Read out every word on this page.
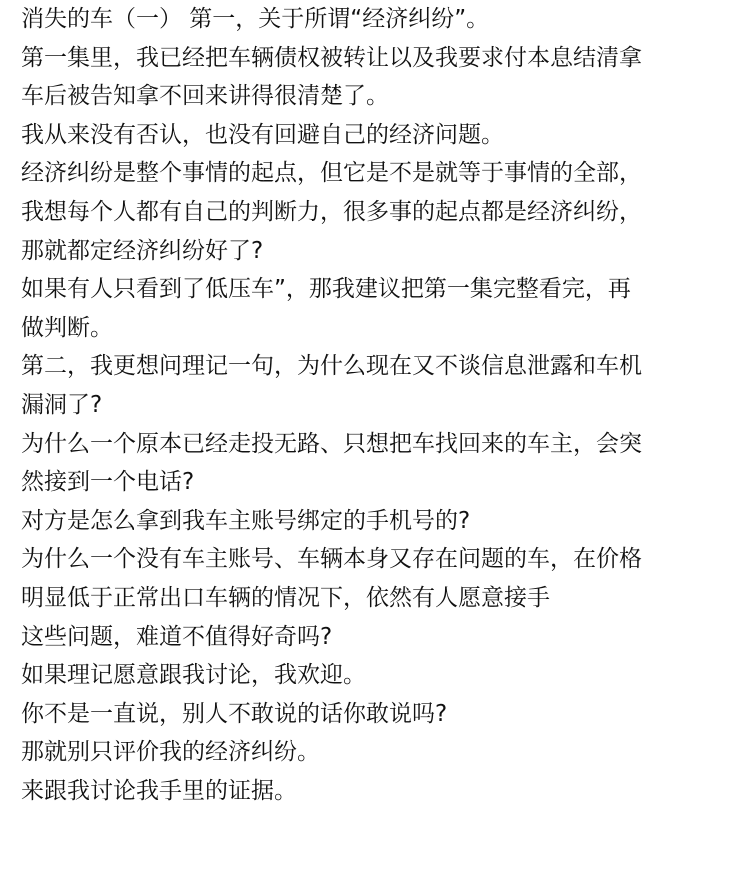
消失的车（一） 第一，关于所谓“经济纠纷”。
第一集里，我已经把车辆债权被转让以及我要求付本息结清拿
车后被告知拿不回来讲得很清楚了。
我从来没有否认，也没有回避自己的经济问题。
经济纠纷是整个事情的起点，但它是不是就等于事情的全部，
我想每个人都有自己的判断力，很多事的起点都是经济纠纷，
那就都定经济纠纷好了?
如果有人只看到了低压车”，那我建议把第一集完整看完，再
做判断。
第二，我更想问理记一句，为什么现在又不谈信息泄露和车机
漏洞了?
为什么一个原本已经走投无路、只想把车找回来的车主，会突
然接到一个电话?
对方是怎么拿到我车主账号绑定的手机号的?
为什么一个没有车主账号、车辆本身又存在问题的车，在价格
明显低于正常出口车辆的情况下，依然有人愿意接手
这些问题，难道不值得好奇吗?
如果理记愿意跟我讨论，我欢迎。
你不是一直说，别人不敢说的话你敢说吗?
那就别只评价我的经济纠纷。
来跟我讨论我手里的证据。
